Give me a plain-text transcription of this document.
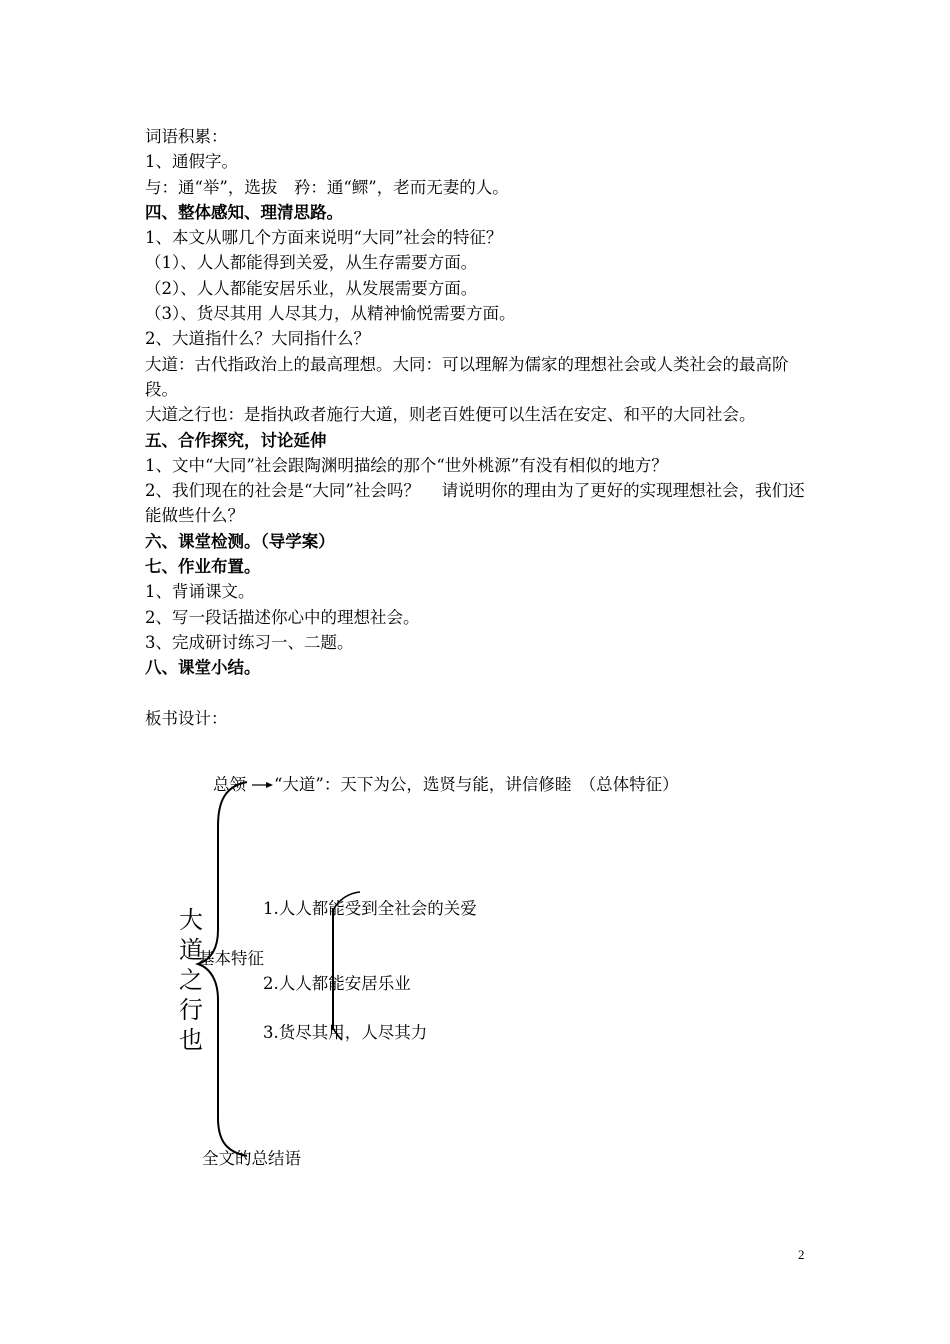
词语积累：

1、通假字。

与：通“举”，选拔　矜：通“鳏”，老而无妻的人。

四、整体感知、理清思路。

1、本文从哪几个方面来说明“大同”社会的特征？

（1）、人人都能得到关爱，从生存需要方面。

（2）、人人都能安居乐业，从发展需要方面。

（3）、货尽其用 人尽其力，从精神愉悦需要方面。

2、大道指什么？大同指什么？

大道：古代指政治上的最高理想。大同：可以理解为儒家的理想社会或人类社会的最高阶段。

大道之行也：是指执政者施行大道，则老百姓便可以生活在安定、和平的大同社会。

五、合作探究，讨论延伸

1、文中“大同”社会跟陶渊明描绘的那个“世外桃源”有没有相似的地方？

2、我们现在的社会是“大同”社会吗？　 请说明你的理由为了更好的实现理想社会，我们还能做些什么？

六、课堂检测。（导学案）

七、作业布置。

1、背诵课文。

2、写一段话描述你心中的理想社会。

3、完成研讨练习一、二题。

八、课堂小结。

板书设计：

大
道
之
行
也
总领 “大道”：天下为公，选贤与能，讲信修睦　（总体特征）
基本特征
1.人人都能受到全社会的关爱
2.人人都能安居乐业
3.货尽其用，人尽其力
全文的总结语
2
